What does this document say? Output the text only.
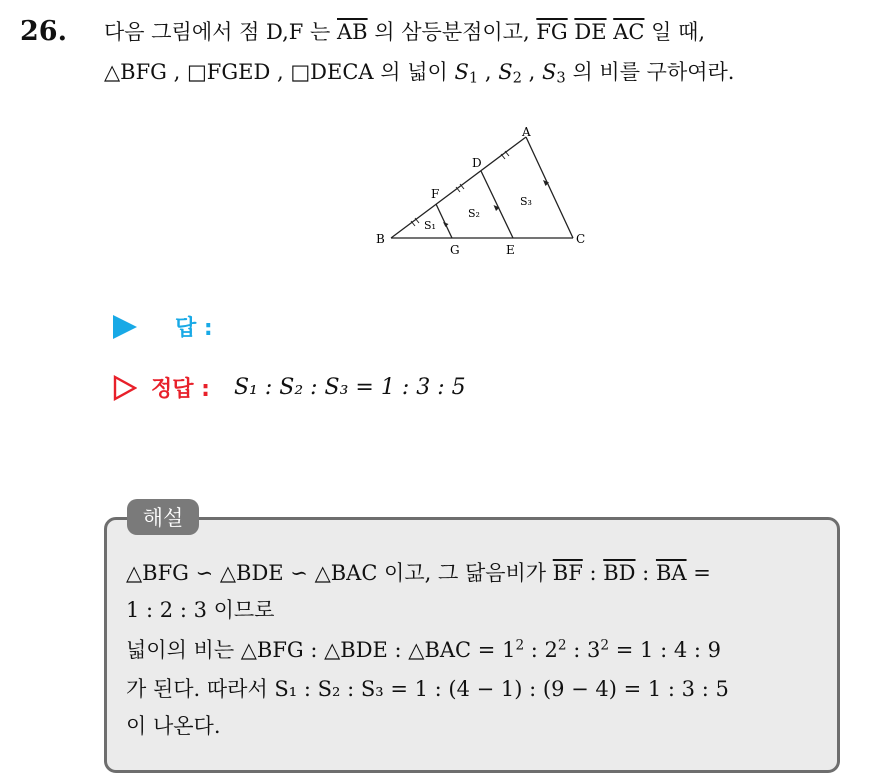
26. 다음 그림에서 점 D,F 는 $\overline{AB}$ 의 삼등분점이고, $\overline{FG}$ $\overline{DE}$ $\overline{AC}$ 일 때,
△BFG , □FGED , □DECA 의 넓이 $S_1$ , $S_2$ , $S_3$ 의 비를 구하여라.
A
B	C
D
E
F
G
S₁
S₂
S₃
답 :
정답 : S₁ : S₂ : S₃ = 1 : 3 : 5
해설
△BFG ∽ △BDE ∽ △BAC 이고, 그 닮음비가 $\overline{BF}$ : $\overline{BD}$ : $\overline{BA}$ =
1 : 2 : 3 이므로
넓이의 비는 △BFG : △BDE : △BAC = $1^2$ : $2^2$ : $3^2 = 1$ : 4 : 9
가 된다. 따라서 S₁ : S₂ : S₃ = 1 : (4 − 1) : (9 − 4) = 1 : 3 : 5
이 나온다.
